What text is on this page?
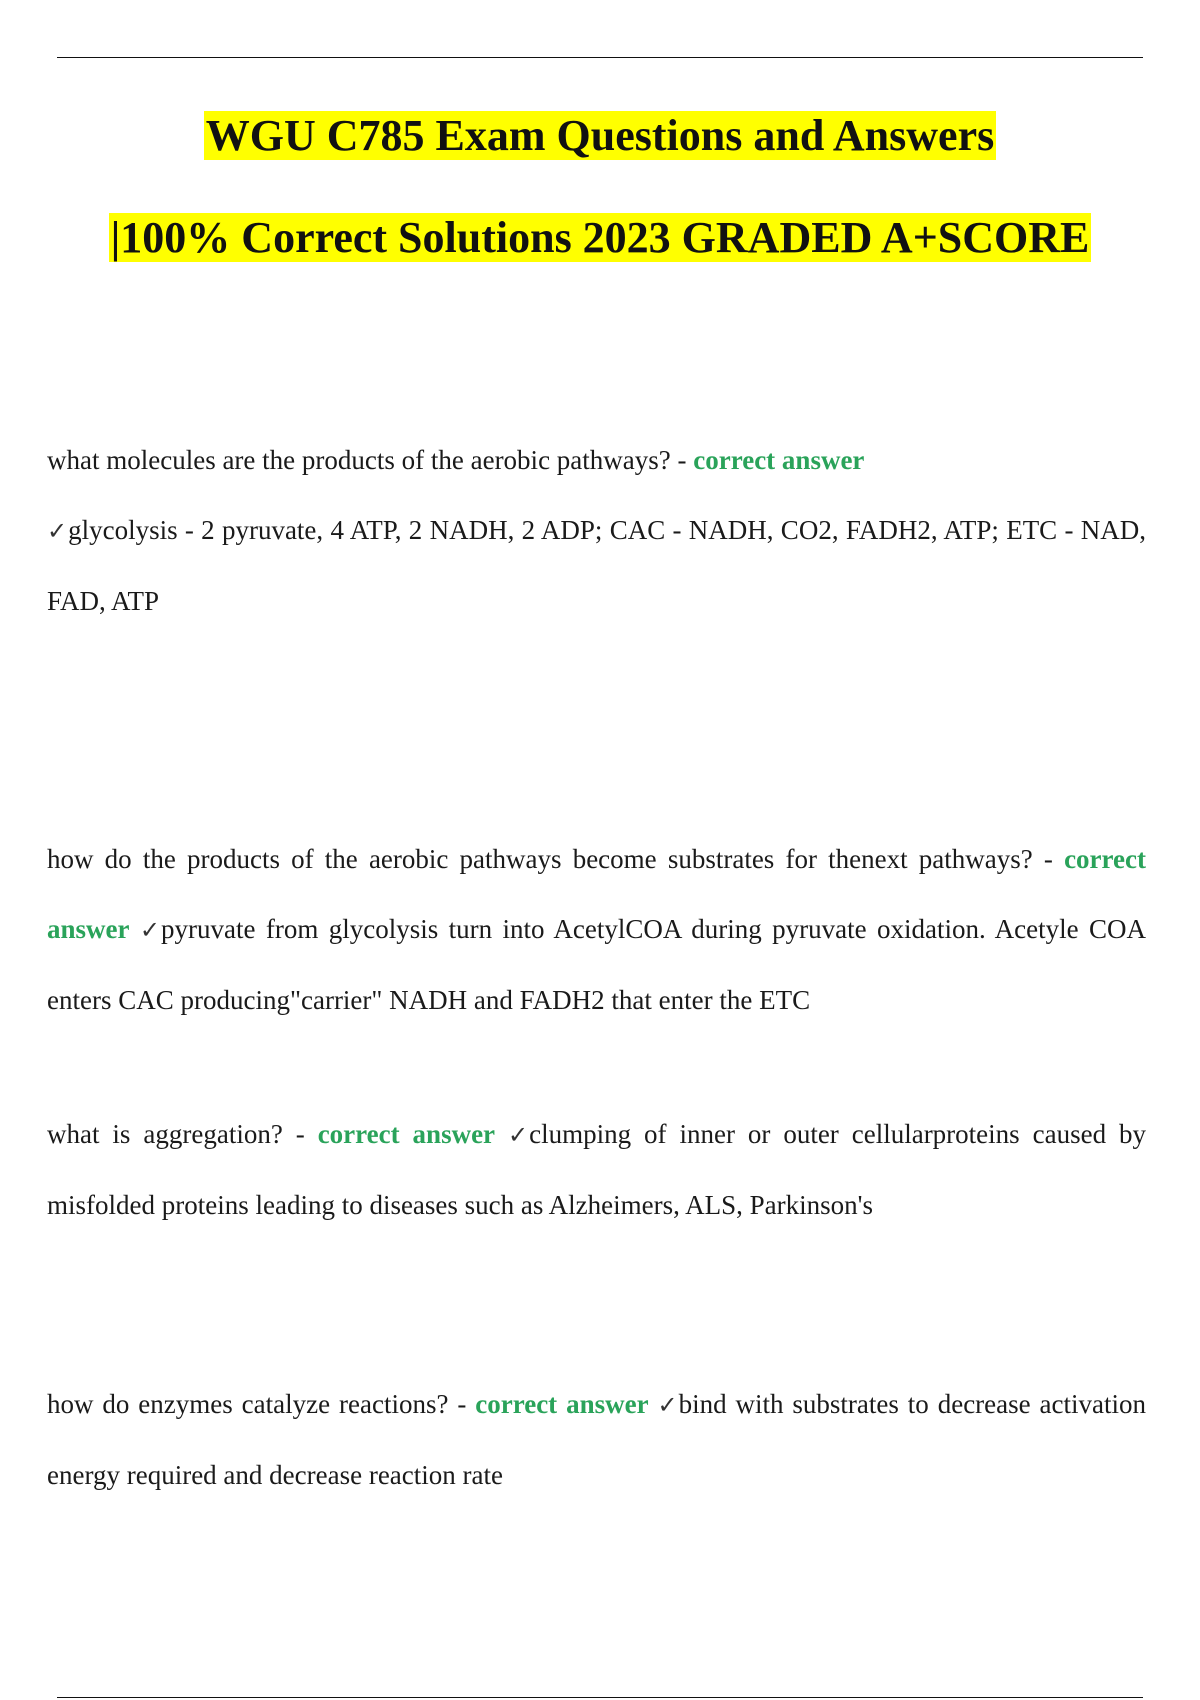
WGU C785 Exam Questions and Answers
|100% Correct Solutions 2023 GRADED A+SCORE
what molecules are the products of the aerobic pathways? - correct answer
✓glycolysis - 2 pyruvate, 4 ATP, 2 NADH, 2 ADP; CAC - NADH, CO2, FADH2, ATP; ETC - NAD, FAD, ATP
how do the products of the aerobic pathways become substrates for thenext pathways? - correct answer ✓pyruvate from glycolysis turn into AcetylCOA during pyruvate oxidation. Acetyle COA enters CAC producing"carrier" NADH and FADH2 that enter the ETC
what is aggregation? - correct answer ✓clumping of inner or outer cellularproteins caused by misfolded proteins leading to diseases such as Alzheimers, ALS, Parkinson's
how do enzymes catalyze reactions? - correct answer ✓bind with substrates to decrease activation energy required and decrease reaction rate
